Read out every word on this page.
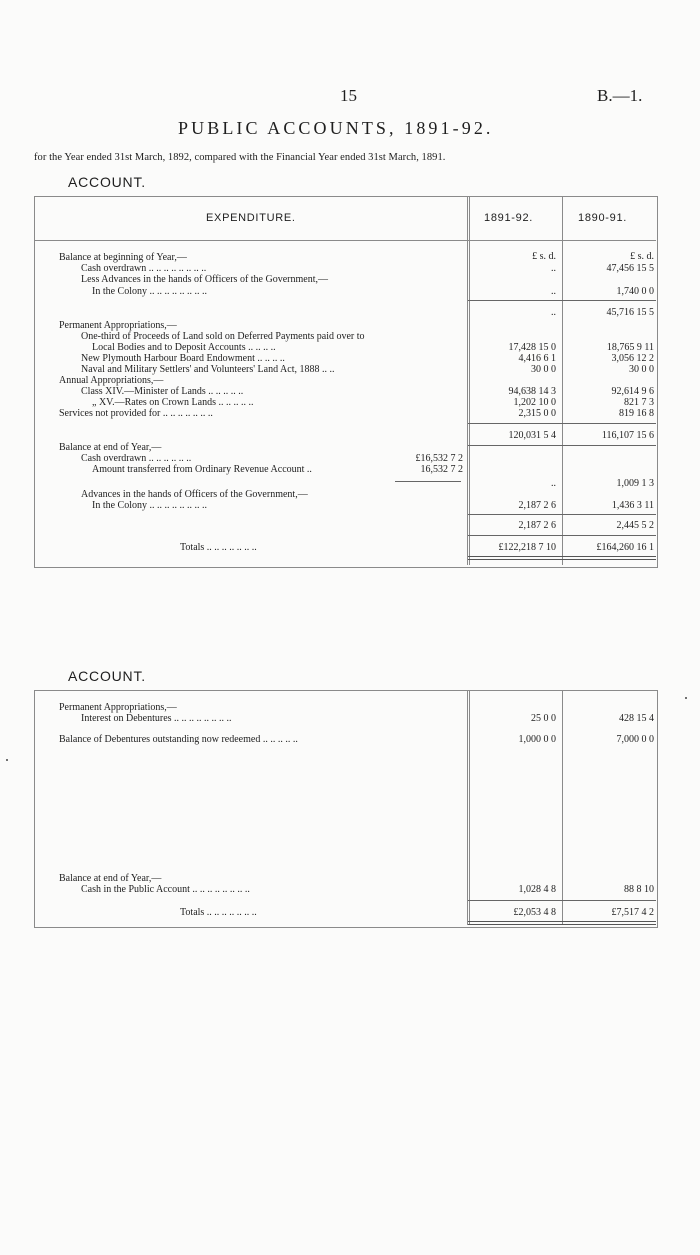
15	B.—1.
PUBLIC ACCOUNTS, 1891-92.
for the Year ended 31st March, 1892, compared with the Financial Year ended 31st March, 1891.
ACCOUNT.
EXPENDITURE.	1891-92.	1890-91.
£ s. d.	£ s. d.
Balance at beginning of Year,—
Cash overdrawn .. .. .. .. .. .. .. ..	..	47,456 15 5
Less Advances in the hands of Officers of the Government,—
In the Colony .. .. .. .. .. .. .. ..	..	1,740 0 0
..	45,716 15 5
Permanent Appropriations,—
One-third of Proceeds of Land sold on Deferred Payments paid over to
Local Bodies and to Deposit Accounts .. .. .. ..	17,428 15 0	18,765 9 11
New Plymouth Harbour Board Endowment .. .. .. ..	4,416 6 1	3,056 12 2
Naval and Military Settlers' and Volunteers' Land Act, 1888 .. ..	30 0 0	30 0 0
Annual Appropriations,—
Class XIV.—Minister of Lands .. .. .. .. ..	94,638 14 3	92,614 9 6
„ XV.—Rates on Crown Lands .. .. .. .. ..	1,202 10 0	821 7 3
Services not provided for .. .. .. .. .. .. ..	2,315 0 0	819 16 8
120,031 5 4	116,107 15 6
Balance at end of Year,—
Cash overdrawn .. .. .. .. .. ..	£16,532 7 2
Amount transferred from Ordinary Revenue Account ..	16,532 7 2
..	1,009 1 3
Advances in the hands of Officers of the Government,—
In the Colony .. .. .. .. .. .. .. ..	2,187 2 6	1,436 3 11
2,187 2 6	2,445 5 2
Totals .. .. .. .. .. .. ..	£122,218 7 10	£164,260 16 1
ACCOUNT.
Permanent Appropriations,—
Interest on Debentures .. .. .. .. .. .. .. ..	25 0 0	428 15 4
Balance of Debentures outstanding now redeemed .. .. .. .. ..	1,000 0 0	7,000 0 0
Balance at end of Year,—
Cash in the Public Account .. .. .. .. .. .. .. ..	1,028 4 8	88 8 10
Totals .. .. .. .. .. .. ..	£2,053 4 8	£7,517 4 2
